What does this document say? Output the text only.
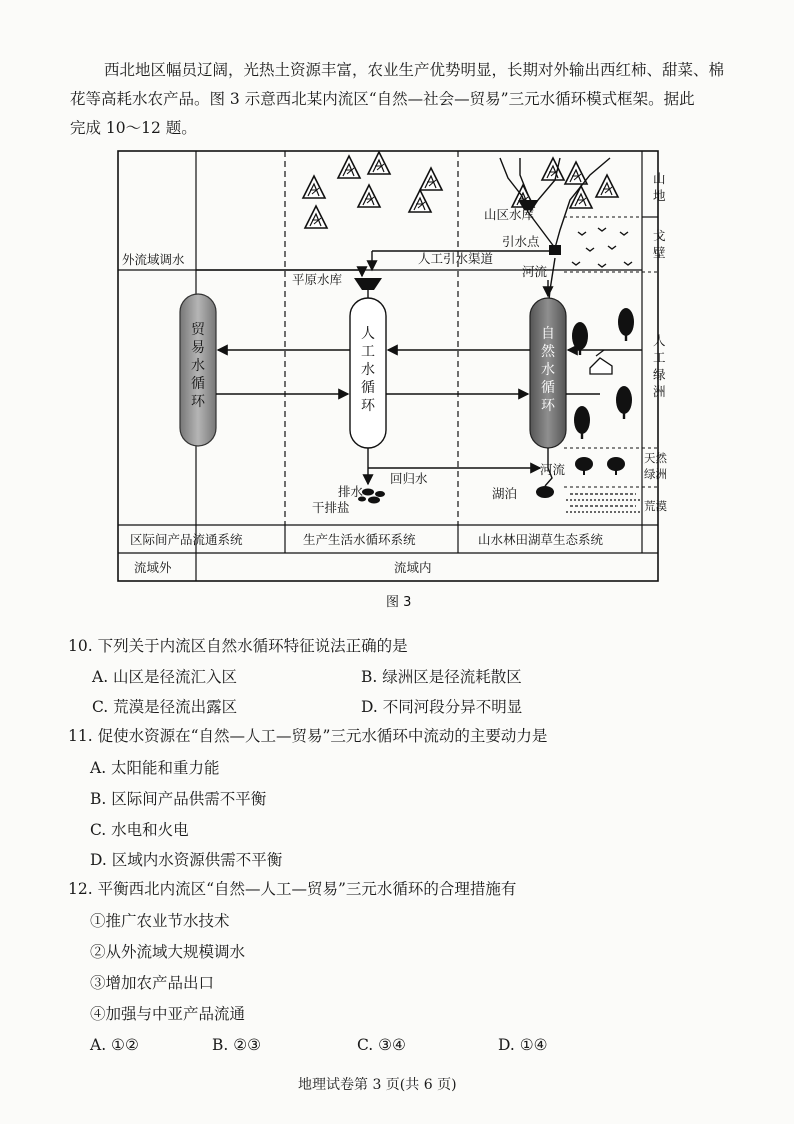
西北地区幅员辽阔，光热土资源丰富，农业生产优势明显，长期对外输出西红柿、甜菜、棉
花等高耗水农产品。图 3 示意西北某内流区“自然—社会—贸易”三元水循环模式框架。据此
完成 10～12 题。
外流域调水
平原水库
人工引水渠道
引水点
山区水库
河流
回归水
排水
干排盐
河流
湖泊
贸
易
水
循
环
人
工
水
循
环
自
然
水
循
环
山
地
戈
壁
人
工
绿
洲
天然
绿洲
荒漠
区际间产品流通系统	生产生活水循环系统	山水林田湖草生态系统
流域外	流域内
图 3
10. 下列关于内流区自然水循环特征说法正确的是
A. 山区是径流汇入区	B. 绿洲区是径流耗散区
C. 荒漠是径流出露区	D. 不同河段分异不明显
11. 促使水资源在“自然—人工—贸易”三元水循环中流动的主要动力是
A. 太阳能和重力能
B. 区际间产品供需不平衡
C. 水电和火电
D. 区域内水资源供需不平衡
12. 平衡西北内流区“自然—人工—贸易”三元水循环的合理措施有
①推广农业节水技术
②从外流域大规模调水
③增加农产品出口
④加强与中亚产品流通
A. ①②	B. ②③	C. ③④	D. ①④
地理试卷第 3 页(共 6 页)
